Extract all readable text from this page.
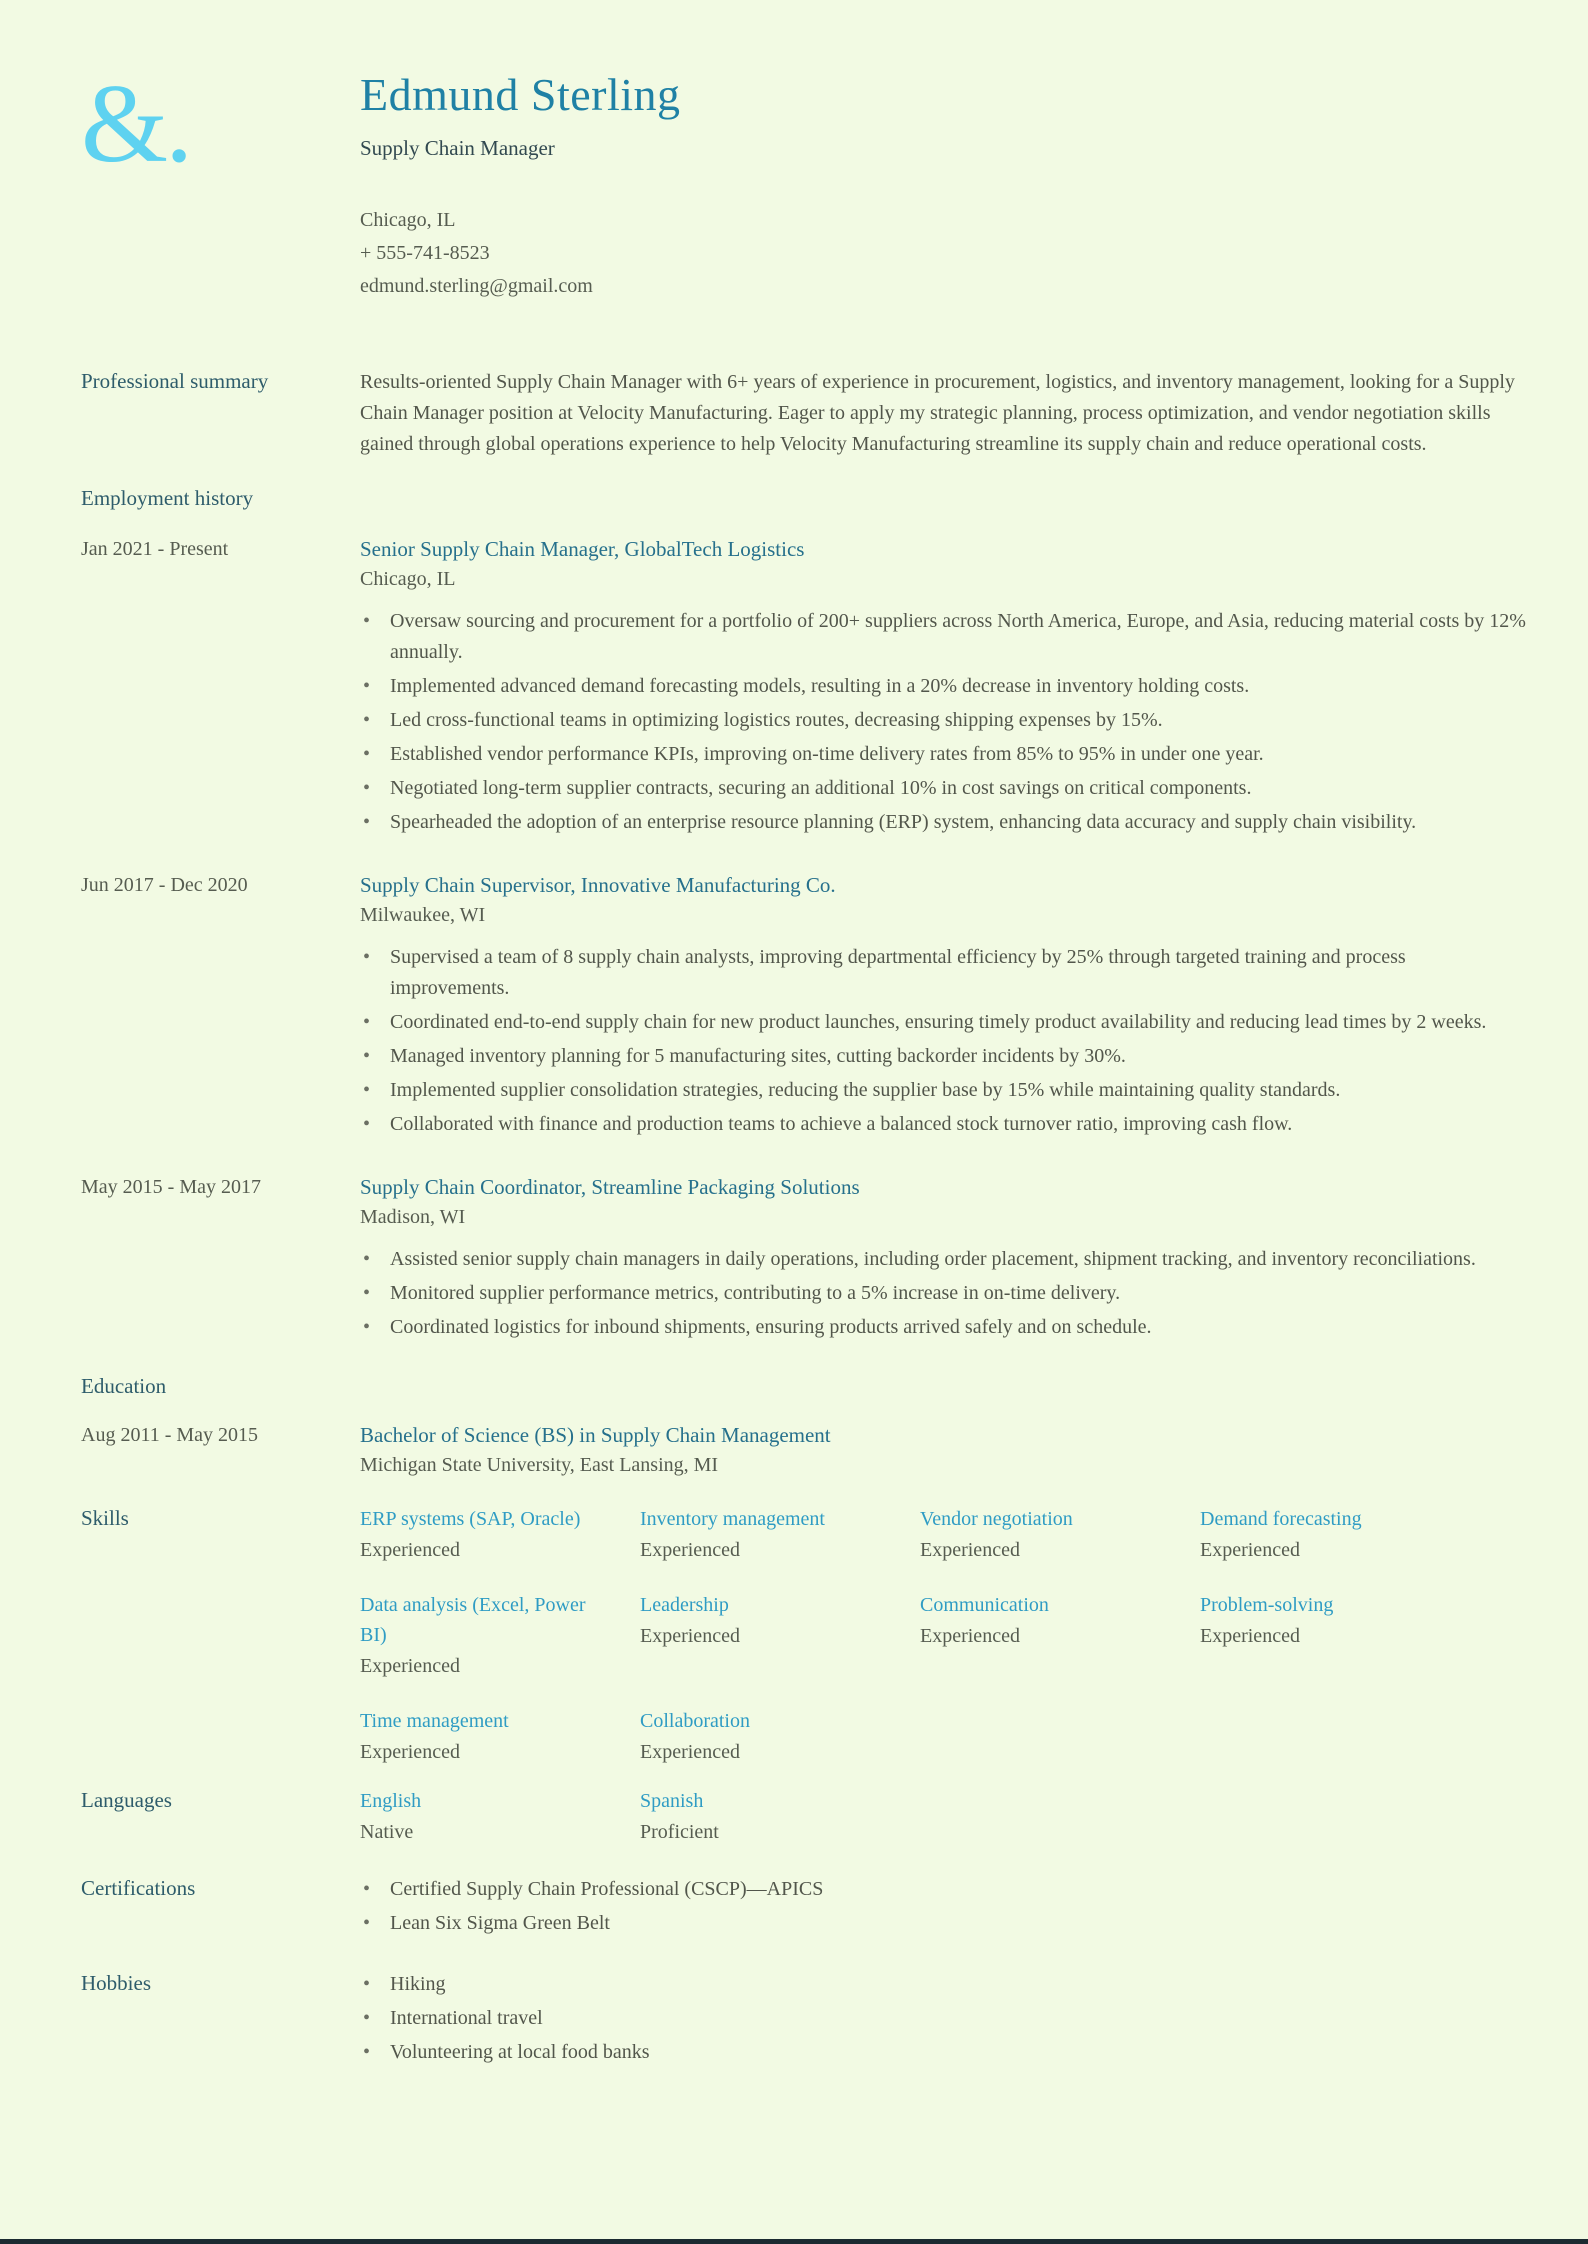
&.	Edmund Sterling
Supply Chain Manager
Chicago, IL
+ 555-741-8523
edmund.sterling@gmail.com
Professional summary	Results-oriented Supply Chain Manager with 6+ years of experience in procurement, logistics, and inventory management, looking for a Supply Chain Manager position at Velocity Manufacturing. Eager to apply my strategic planning, process optimization, and vendor negotiation skills gained through global operations experience to help Velocity Manufacturing streamline its supply chain and reduce operational costs.
Employment history
Jan 2021 - Present	Senior Supply Chain Manager, GlobalTech Logistics
Chicago, IL
• Oversaw sourcing and procurement for a portfolio of 200+ suppliers across North America, Europe, and Asia, reducing material costs by 12% annually.
• Implemented advanced demand forecasting models, resulting in a 20% decrease in inventory holding costs.
• Led cross-functional teams in optimizing logistics routes, decreasing shipping expenses by 15%.
• Established vendor performance KPIs, improving on-time delivery rates from 85% to 95% in under one year.
• Negotiated long-term supplier contracts, securing an additional 10% in cost savings on critical components.
• Spearheaded the adoption of an enterprise resource planning (ERP) system, enhancing data accuracy and supply chain visibility.
Jun 2017 - Dec 2020	Supply Chain Supervisor, Innovative Manufacturing Co.
Milwaukee, WI
• Supervised a team of 8 supply chain analysts, improving departmental efficiency by 25% through targeted training and process improvements.
• Coordinated end-to-end supply chain for new product launches, ensuring timely product availability and reducing lead times by 2 weeks.
• Managed inventory planning for 5 manufacturing sites, cutting backorder incidents by 30%.
• Implemented supplier consolidation strategies, reducing the supplier base by 15% while maintaining quality standards.
• Collaborated with finance and production teams to achieve a balanced stock turnover ratio, improving cash flow.
May 2015 - May 2017	Supply Chain Coordinator, Streamline Packaging Solutions
Madison, WI
• Assisted senior supply chain managers in daily operations, including order placement, shipment tracking, and inventory reconciliations.
• Monitored supplier performance metrics, contributing to a 5% increase in on-time delivery.
• Coordinated logistics for inbound shipments, ensuring products arrived safely and on schedule.
Education
Aug 2011 - May 2015	Bachelor of Science (BS) in Supply Chain Management
Michigan State University, East Lansing, MI
Skills	ERP systems (SAP, Oracle)
Experienced
Inventory management
Experienced
Vendor negotiation
Experienced
Demand forecasting
Experienced
Data analysis (Excel, Power BI)
Experienced
Leadership
Experienced
Communication
Experienced
Problem-solving
Experienced
Time management
Experienced
Collaboration
Experienced
Languages	English
Native
Spanish
Proficient
Certifications	• Certified Supply Chain Professional (CSCP)—APICS
• Lean Six Sigma Green Belt
Hobbies	• Hiking
• International travel
• Volunteering at local food banks
